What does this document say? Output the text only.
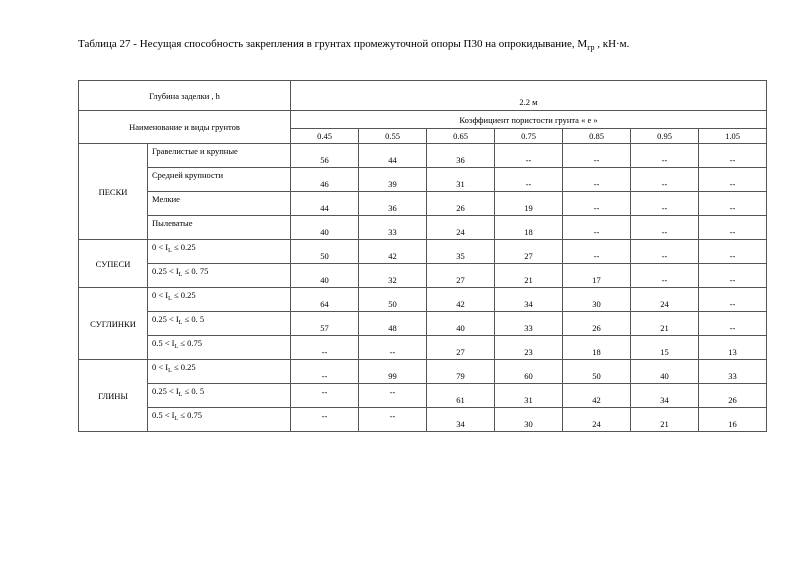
Таблица 27 - Несущая способность закрепления в грунтах промежуточной опоры П30 на опрокидывание, $M_{гр}$ , кН·м.
Глубина заделки , h		2.2 м						
Наименование и виды грунтов		Коэффициент пористости грунта « е »						
		0.45	0.55	0.65	0.75	0.85	0.95	1.05
ПЕСКИ	Гравелистые и крупные	56	44	36	--	--	--	--
	Средней крупности	46	39	31	--	--	--	--
	Мелкие	44	36	26	19	--	--	--
	Пылеватые	40	33	24	18	--	--	--
СУПЕСИ	$0 < I_L \le 0.25$	50	42	35	27	--	--	--
	$0.25 < I_L \le 0$. 75	40	32	27	21	17	--	--
СУГЛИНКИ	$0 < I_L \le 0.25$	64	50	42	34	30	24	--
	$0.25 < I_L \le 0$. 5	57	48	40	33	26	21	--
	$0.5 < I_L \le 0.75$	--	--	27	23	18	15	13
ГЛИНЫ	$0 < I_L \le 0.25$	--	99	79	60	50	40	33
	$0.25 < I_L \le 0$. 5	--	--	61	31	42	34	26
	$0.5 < I_L \le 0.75$	--	--	34	30	24	21	16
